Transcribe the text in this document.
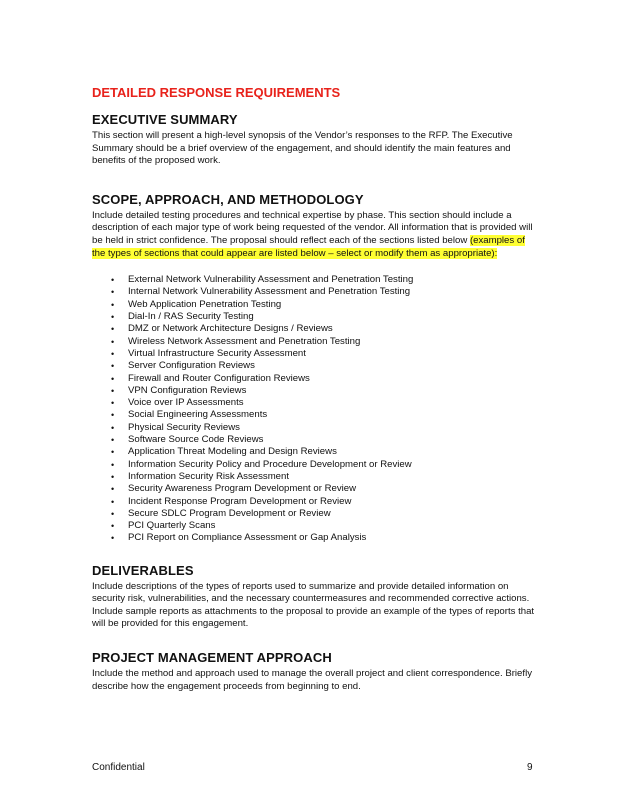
DETAILED RESPONSE REQUIREMENTS
EXECUTIVE SUMMARY

This section will present a high-level synopsis of the Vendor’s responses to the RFP. The Executive Summary should be a brief overview of the engagement, and should identify the main features and benefits of the proposed work.

SCOPE, APPROACH, AND METHODOLOGY

Include detailed testing procedures and technical expertise by phase. This section should include a description of each major type of work being requested of the vendor. All information that is provided will be held in strict confidence. The proposal should reflect each of the sections listed below (examples of the types of sections that could appear are listed below – select or modify them as appropriate):

• External Network Vulnerability Assessment and Penetration Testing
• Internal Network Vulnerability Assessment and Penetration Testing
• Web Application Penetration Testing
• Dial-In / RAS Security Testing
• DMZ or Network Architecture Designs / Reviews
• Wireless Network Assessment and Penetration Testing
• Virtual Infrastructure Security Assessment
• Server Configuration Reviews
• Firewall and Router Configuration Reviews
• VPN Configuration Reviews
• Voice over IP Assessments
• Social Engineering Assessments
• Physical Security Reviews
• Software Source Code Reviews
• Application Threat Modeling and Design Reviews
• Information Security Policy and Procedure Development or Review
• Information Security Risk Assessment
• Security Awareness Program Development or Review
• Incident Response Program Development or Review
• Secure SDLC Program Development or Review
• PCI Quarterly Scans
• PCI Report on Compliance Assessment or Gap Analysis
DELIVERABLES

Include descriptions of the types of reports used to summarize and provide detailed information on security risk, vulnerabilities, and the necessary countermeasures and recommended corrective actions. Include sample reports as attachments to the proposal to provide an example of the types of reports that will be provided for this engagement.

PROJECT MANAGEMENT APPROACH

Include the method and approach used to manage the overall project and client correspondence. Briefly describe how the engagement proceeds from beginning to end.

Confidential	9
